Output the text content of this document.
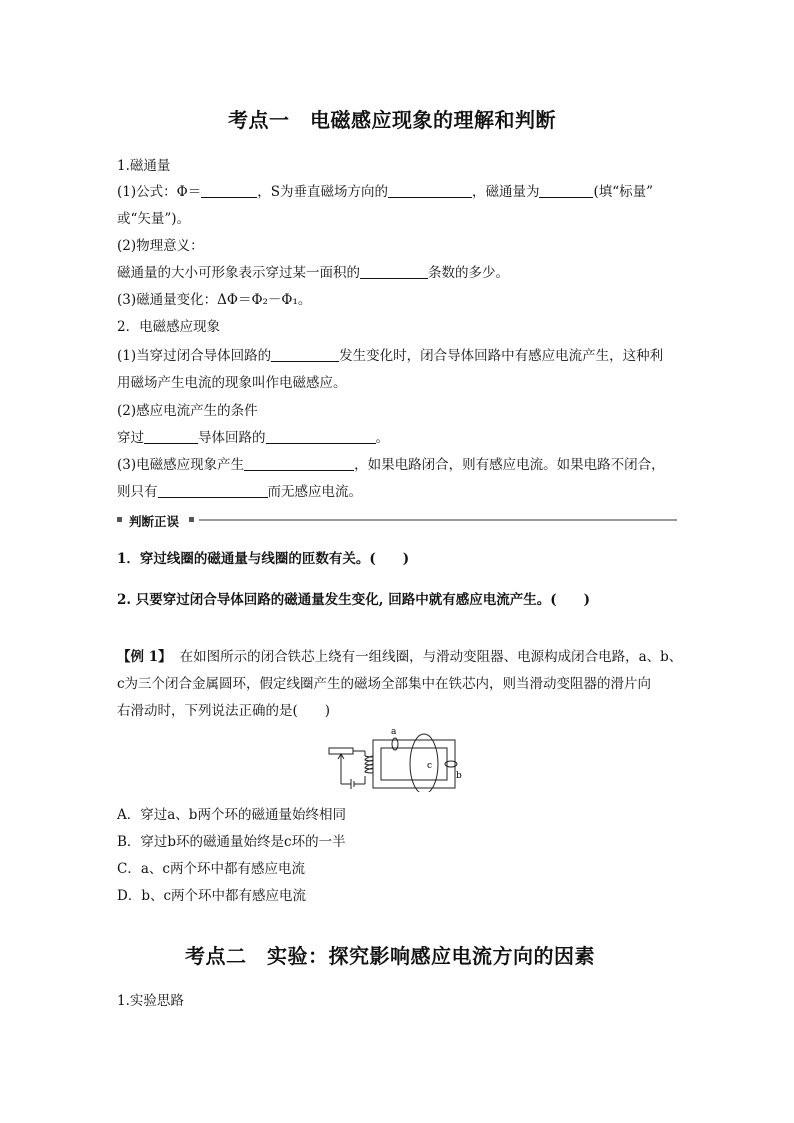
考点一　电磁感应现象的理解和判断
1.磁通量
(1)公式：Φ＝	，S为垂直磁场方向的	，磁通量为	(填“标量”
或“矢量”)。
(2)物理意义：
磁通量的大小可形象表示穿过某一面积的	条数的多少。
(3)磁通量变化：ΔΦ＝Φ₂－Φ₁。
2．电磁感应现象
(1)当穿过闭合导体回路的	发生变化时，闭合导体回路中有感应电流产生，这种利
用磁场产生电流的现象叫作电磁感应。
(2)感应电流产生的条件
穿过	导体回路的	。
(3)电磁感应现象产生	，如果电路闭合，则有感应电流。如果电路不闭合，
则只有	而无感应电流。
判断正误
1．穿过线圈的磁通量与线圈的匝数有关。(　　)
2. 只要穿过闭合导体回路的磁通量发生变化, 回路中就有感应电流产生。(　　)
【例 1】 在如图所示的闭合铁芯上绕有一组线圈，与滑动变阻器、电源构成闭合电路，a、b、
c为三个闭合金属圆环，假定线圈产生的磁场全部集中在铁芯内，则当滑动变阻器的滑片向
右滑动时，下列说法正确的是(　　)
a
c
b
A．穿过a、b两个环的磁通量始终相同
B．穿过b环的磁通量始终是c环的一半
C．a、c两个环中都有感应电流
D．b、c两个环中都有感应电流
考点二　实验：探究影响感应电流方向的因素
1.实验思路
